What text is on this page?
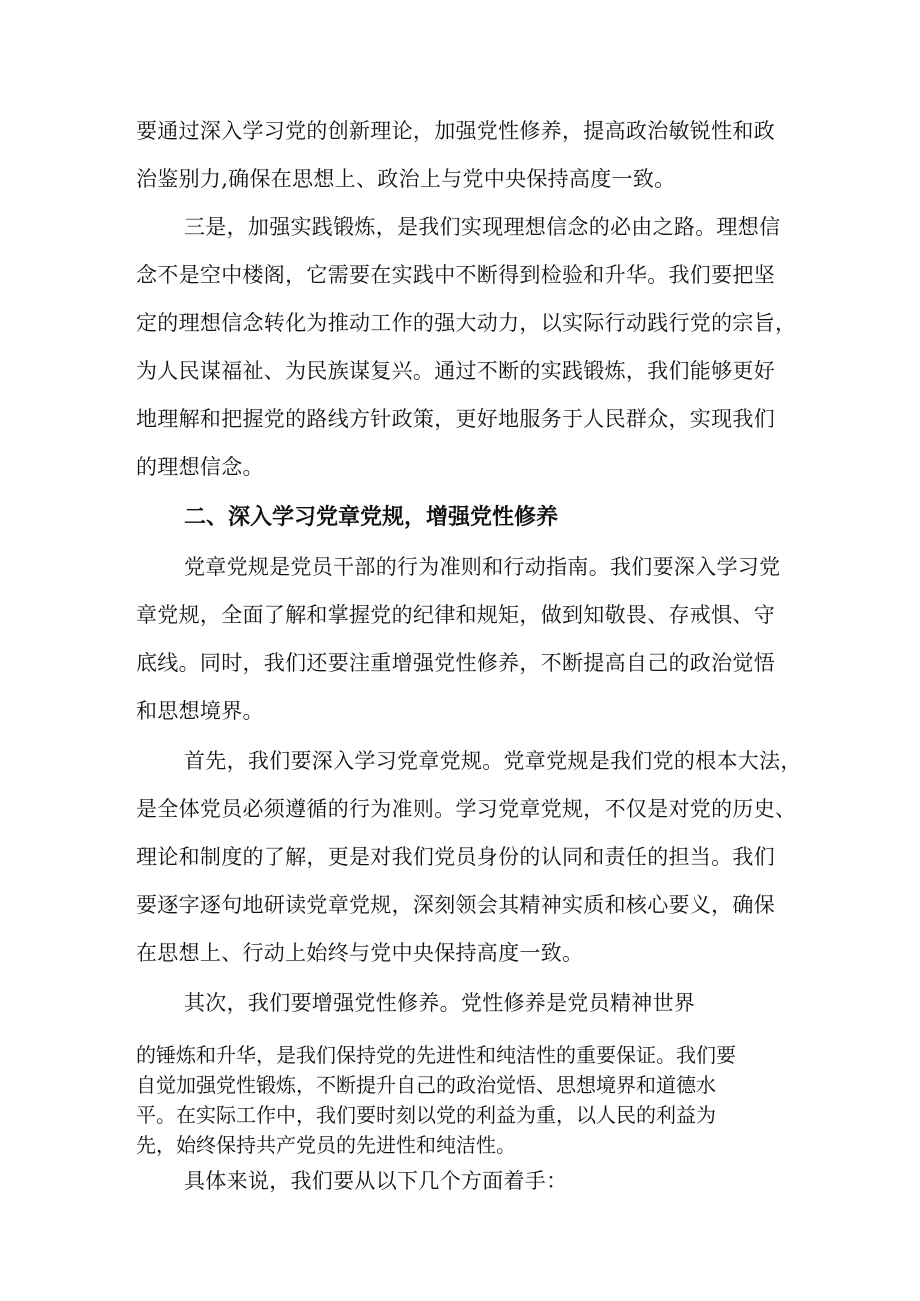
要通过深入学习党的创新理论，加强党性修养，提高政治敏锐性和政
治鉴别力,确保在思想上、政治上与党中央保持高度一致。
三是，加强实践锻炼，是我们实现理想信念的必由之路。理想信
念不是空中楼阁，它需要在实践中不断得到检验和升华。我们要把坚
定的理想信念转化为推动工作的强大动力，以实际行动践行党的宗旨，
为人民谋福祉、为民族谋复兴。通过不断的实践锻炼，我们能够更好
地理解和把握党的路线方针政策，更好地服务于人民群众，实现我们
的理想信念。
二、深入学习党章党规，增强党性修养
党章党规是党员干部的行为准则和行动指南。我们要深入学习党
章党规，全面了解和掌握党的纪律和规矩，做到知敬畏、存戒惧、守
底线。同时，我们还要注重增强党性修养，不断提高自己的政治觉悟
和思想境界。
首先，我们要深入学习党章党规。党章党规是我们党的根本大法，
是全体党员必须遵循的行为准则。学习党章党规，不仅是对党的历史、
理论和制度的了解，更是对我们党员身份的认同和责任的担当。我们
要逐字逐句地研读党章党规，深刻领会其精神实质和核心要义，确保
在思想上、行动上始终与党中央保持高度一致。
其次，我们要增强党性修养。党性修养是党员精神世界
的锤炼和升华，是我们保持党的先进性和纯洁性的重要保证。我们要
自觉加强党性锻炼，不断提升自己的政治觉悟、思想境界和道德水
平。在实际工作中，我们要时刻以党的利益为重，以人民的利益为
先，始终保持共产党员的先进性和纯洁性。
具体来说，我们要从以下几个方面着手：
